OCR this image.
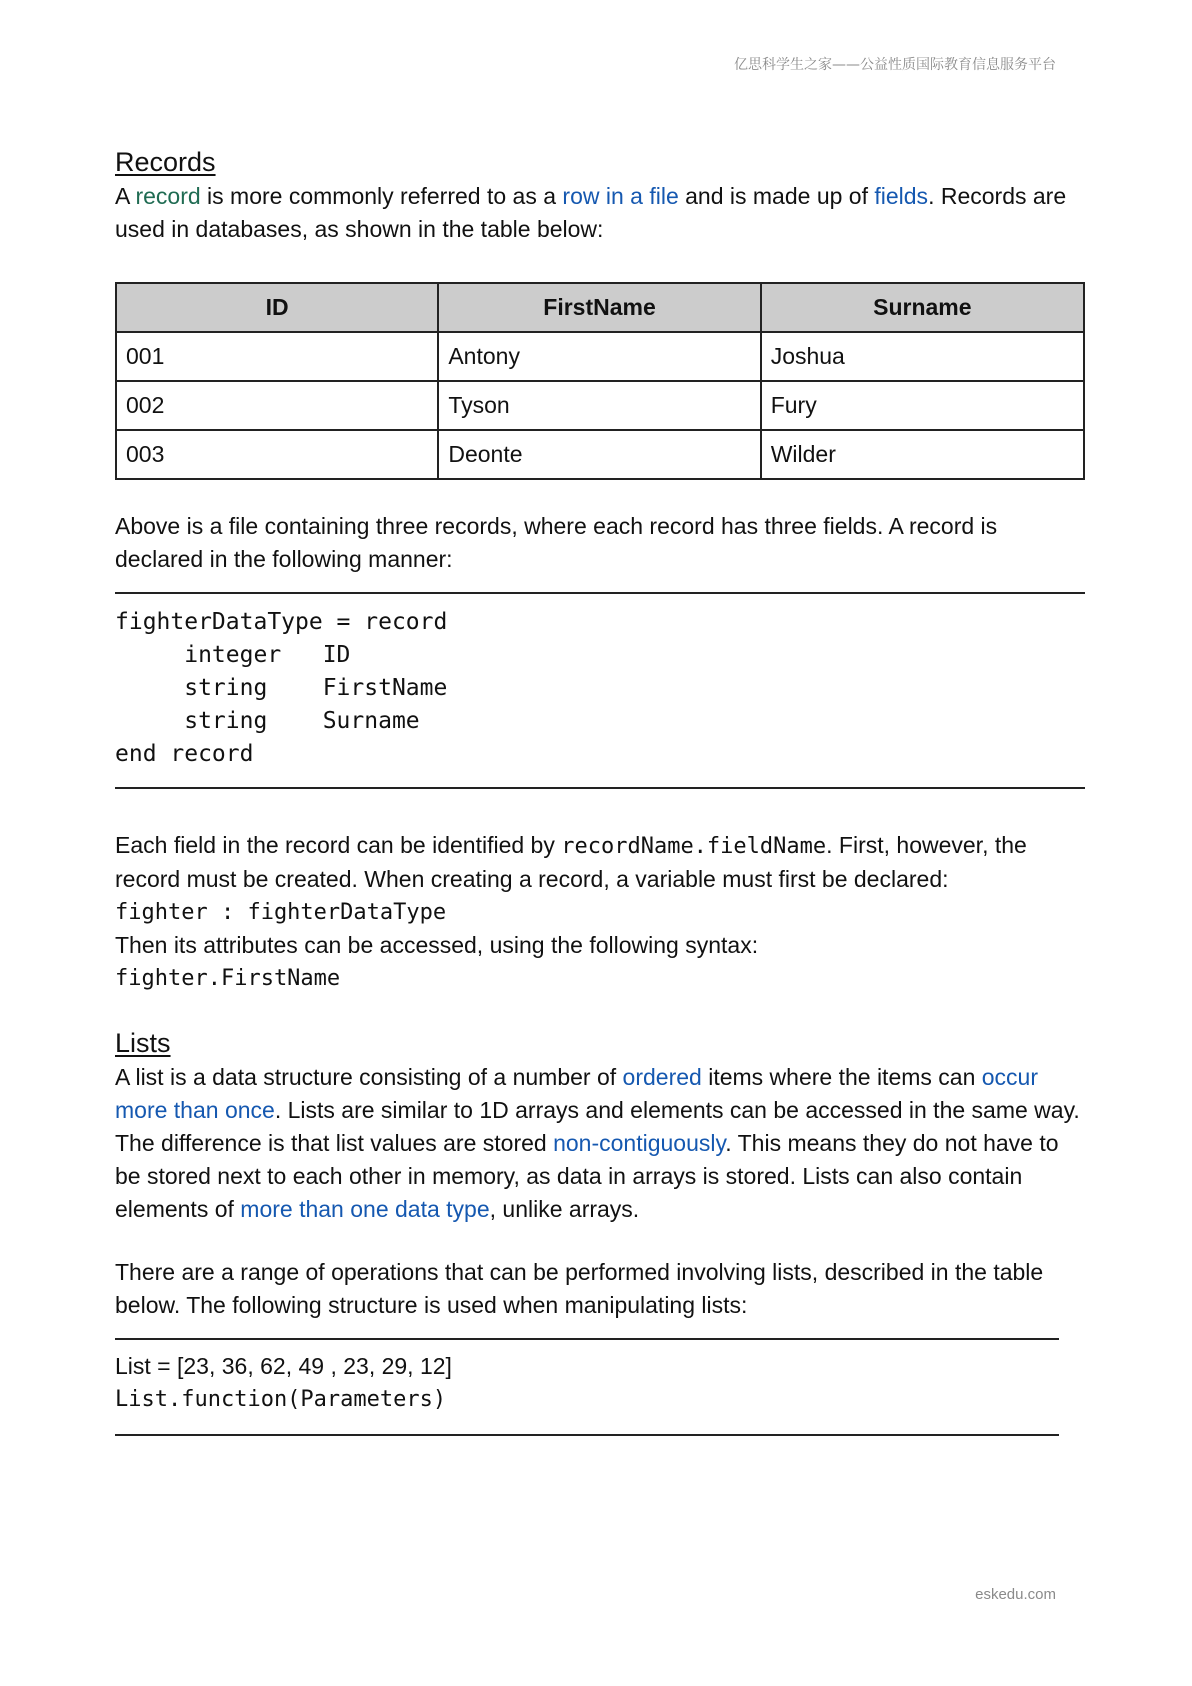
亿思科学生之家——公益性质国际教育信息服务平台
Records

A record is more commonly referred to as a row in a file and is made up of fields. Records are used in databases, as shown in the table below:

ID	FirstName	Surname
001	Antony	Joshua
002	Tyson	Fury
003	Deonte	Wilder

Above is a file containing three records, where each record has three fields. A record is declared in the following manner:

fighterDataType = record
integer   ID
string    FirstName
string    Surname
end record

Each field in the record can be identified by recordName.fieldName. First, however, the record must be created. When creating a record, a variable must first be declared:

fighter : fighterDataType

Then its attributes can be accessed, using the following syntax:

fighter.FirstName

Lists

A list is a data structure consisting of a number of ordered items where the items can occur more than once. Lists are similar to 1D arrays and elements can be accessed in the same way. The difference is that list values are stored non-contiguously. This means they do not have to be stored next to each other in memory, as data in arrays is stored. Lists can also contain elements of more than one data type, unlike arrays.

There are a range of operations that can be performed involving lists, described in the table below. The following structure is used when manipulating lists:

List = [23, 36, 62, 49 , 23, 29, 12]

List.function(Parameters)

eskedu.com
